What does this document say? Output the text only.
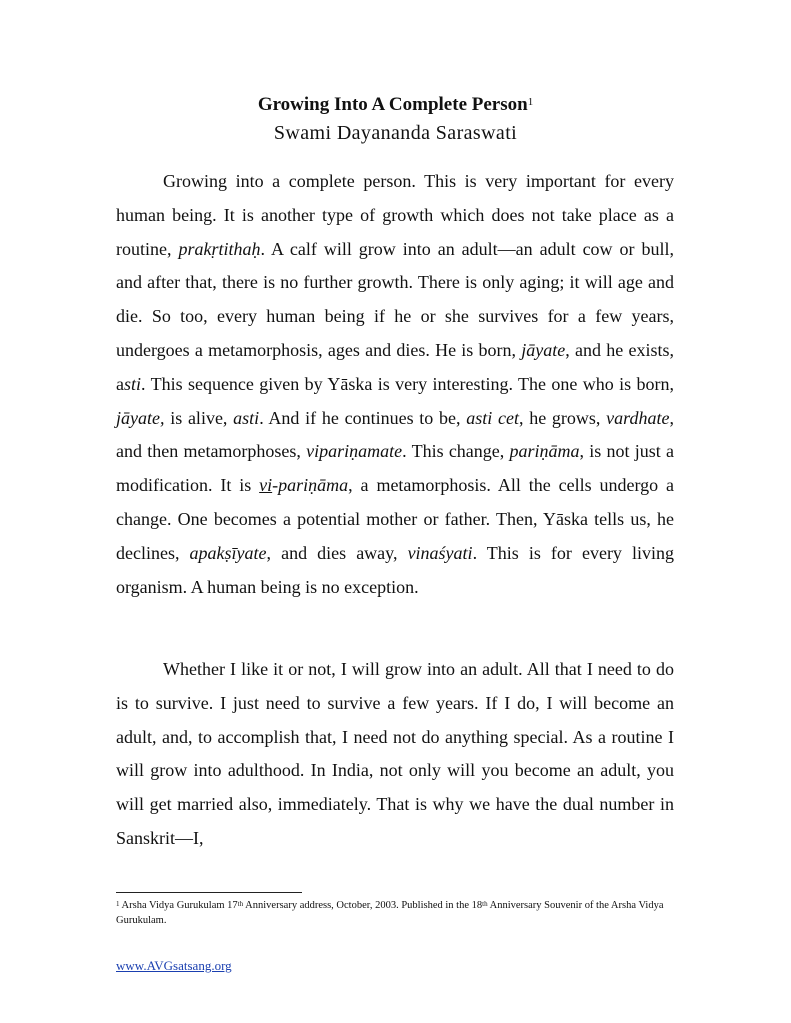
Growing Into A Complete Person$^1$
Swami Dayananda Saraswati

Growing into a complete person. This is very important for every human being. It is another type of growth which does not take place as a routine, prakṛtithaḥ. A calf will grow into an adult—an adult cow or bull, and after that, there is no further growth. There is only aging; it will age and die. So too, every human being if he or she survives for a few years, undergoes a metamorphosis, ages and dies. He is born, jāyate, and he exists, asti. This sequence given by Yāska is very interesting. The one who is born, jāyate, is alive, asti. And if he continues to be, asti cet, he grows, vardhate, and then metamorphoses, vipariṇamate. This change, pariṇāma, is not just a modification. It is vi-pariṇāma, a metamorphosis. All the cells undergo a change. One becomes a potential mother or father. Then, Yāska tells us, he declines, apakṣīyate, and dies away, vinaśyati. This is for every living organism. A human being is no exception.

Whether I like it or not, I will grow into an adult. All that I need to do is to survive. I just need to survive a few years. If I do, I will become an adult, and, to accomplish that, I need not do anything special. As a routine I will grow into adulthood. In India, not only will you become an adult, you will get married also, immediately. That is why we have the dual number in Sanskrit—I,

$^1$ Arsha Vidya Gurukulam 17th Anniversary address, October, 2003. Published in the 18th Anniversary Souvenir of the Arsha Vidya Gurukulam.

www.AVGsatsang.org
